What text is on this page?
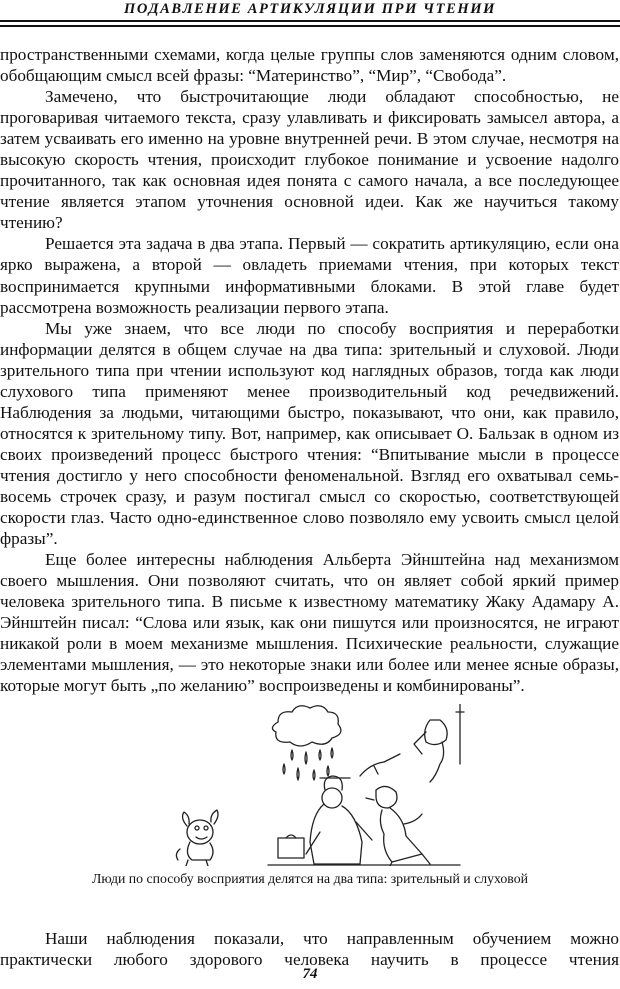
ПОДАВЛЕНИЕ АРТИКУЛЯЦИИ ПРИ ЧТЕНИИ

пространственными схемами, когда целые группы слов заменяются одним словом, обобщающим смысл всей фразы: “Материнство”, “Мир”, “Свобода”.

Замечено, что быстрочитающие люди обладают способностью, не проговаривая читаемого текста, сразу улавливать и фиксировать замысел автора, а затем усваивать его именно на уровне внутренней речи. В этом случае, несмотря на высокую скорость чтения, происходит глубокое понимание и усвоение надолго прочитанного, так как основная идея понята с самого начала, а все последующее чтение является этапом уточнения основной идеи. Как же научиться такому чтению?

Решается эта задача в два этапа. Первый — сократить артикуляцию, если она ярко выражена, а второй — овладеть приемами чтения, при которых текст воспринимается крупными информативными блоками. В этой главе будет рассмотрена возможность реализации первого этапа.

Мы уже знаем, что все люди по способу восприятия и переработки информации делятся в общем случае на два типа: зрительный и слуховой. Люди зрительного типа при чтении используют код наглядных образов, тогда как люди слухового типа применяют менее производительный код речедвижений. Наблюдения за людьми, читающими быстро, показывают, что они, как правило, относятся к зрительному типу. Вот, например, как описывает О. Бальзак в одном из своих произведений процесс быстрого чтения: “Впитывание мысли в процессе чтения достигло у него способности феноменальной. Взгляд его охватывал семь-восемь строчек сразу, и разум постигал смысл со скоростью, соответствующей скорости глаз. Часто одно-единственное слово позволяло ему усвоить смысл целой фразы”.

Еще более интересны наблюдения Альберта Эйнштейна над механизмом своего мышления. Они позволяют считать, что он являет собой яркий пример человека зрительного типа. В письме к известному математику Жаку Адамару А. Эйнштейн писал: “Слова или язык, как они пишутся или произносятся, не играют никакой роли в моем механизме мышления. Психические реальности, служащие элементами мышления, — это некоторые знаки или более или менее ясные образы, которые могут быть „по желанию” воспроизведены и комбинированы”.

Люди по способу восприятия делятся на два типа: зрительный и слуховой

Наши наблюдения показали, что направленным обучением можно практически любого здорового человека научить в процессе чтения

74
